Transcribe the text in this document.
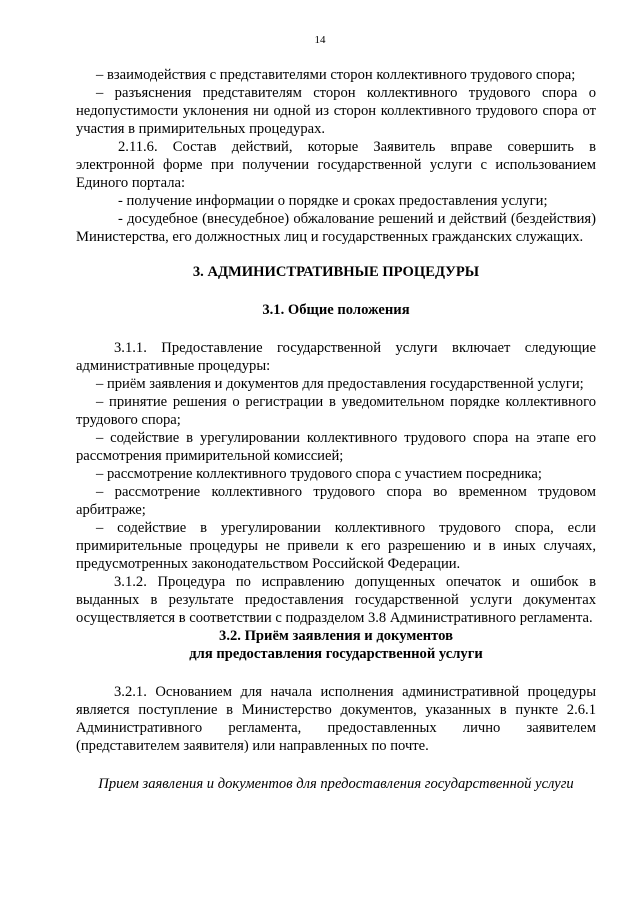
14

– взаимодействия с представителями сторон коллективного трудового спора;

– разъяснения представителям сторон коллективного трудового спора о недопустимости уклонения ни одной из сторон коллективного трудового спора от участия в примирительных процедурах.

2.11.6. Состав действий, которые Заявитель вправе совершить в электронной форме при получении государственной услуги с использованием Единого портала:

- получение информации о порядке и сроках предоставления услуги;

- досудебное (внесудебное) обжалование решений и действий (бездействия) Министерства, его должностных лиц и государственных гражданских служащих.

3. АДМИНИСТРАТИВНЫЕ ПРОЦЕДУРЫ
3.1. Общие положения

3.1.1. Предоставление государственной услуги включает следующие административные процедуры:

– приём заявления и документов для предоставления государственной услуги;

– принятие решения о регистрации в уведомительном порядке коллективного трудового спора;

– содействие в урегулировании коллективного трудового спора на этапе его рассмотрения примирительной комиссией;

– рассмотрение коллективного трудового спора с участием посредника;

– рассмотрение коллективного трудового спора во временном трудовом арбитраже;

– содействие в урегулировании коллективного трудового спора, если примирительные процедуры не привели к его разрешению и в иных случаях, предусмотренных законодательством Российской Федерации.

3.1.2. Процедура по исправлению допущенных опечаток и ошибок в выданных в результате предоставления государственной услуги документах осуществляется в соответствии с подразделом 3.8 Административного регламента.

3.2. Приём заявления и документов
для предоставления государственной услуги

3.2.1. Основанием для начала исполнения административной процедуры является поступление в Министерство документов, указанных в пункте 2.6.1 Административного регламента, предоставленных лично заявителем (представителем заявителя) или направленных по почте.

Прием заявления и документов для предоставления государственной услуги
